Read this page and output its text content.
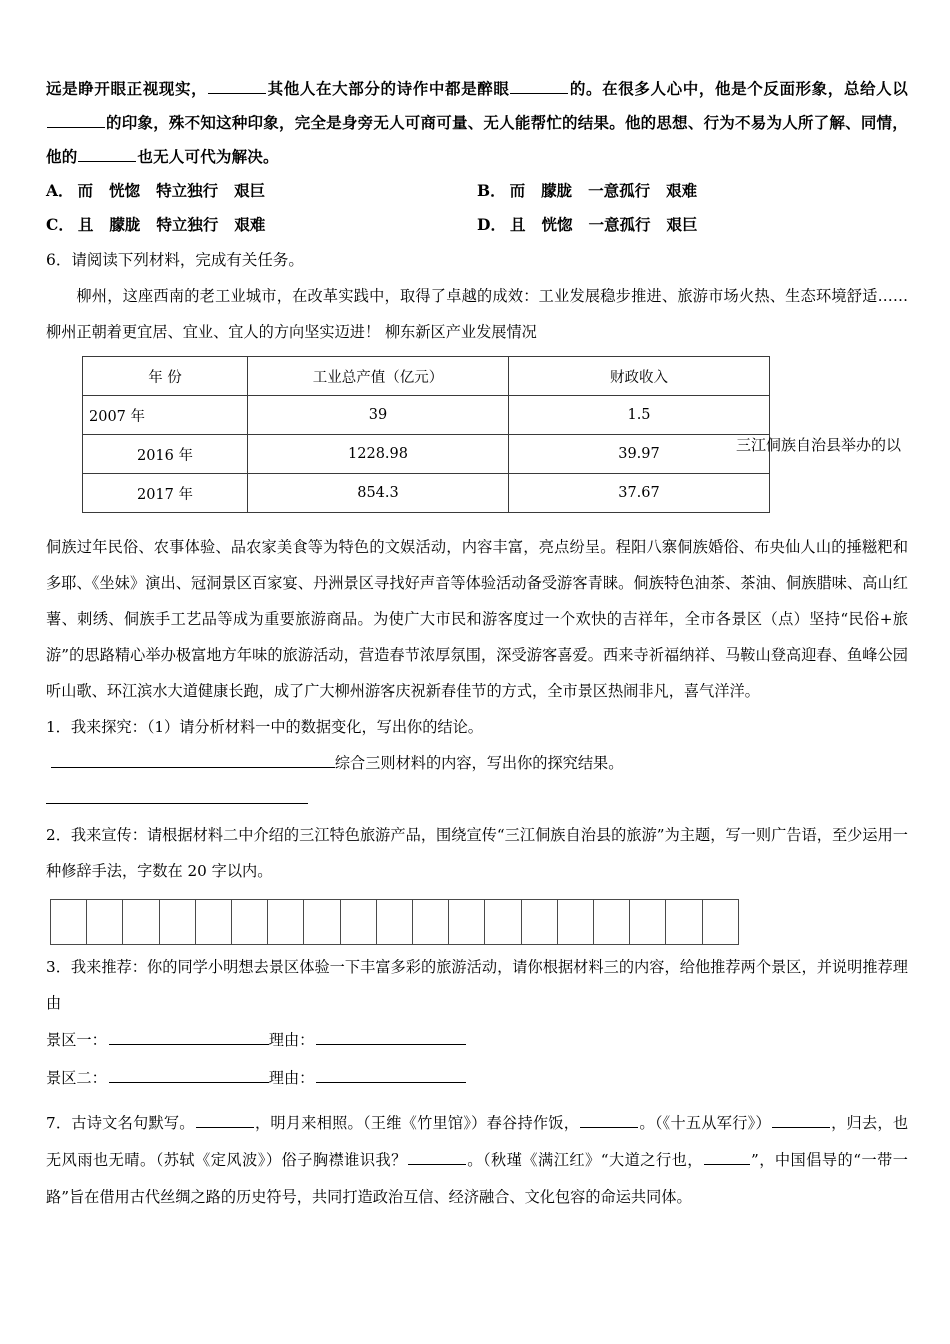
远是睁开眼正视现实，	其他人在大部分的诗作中都是醉眼	的。在很多人心中，他是个反面形象，总给人以的印象，殊不知这种印象，完全是身旁无人可商可量、无人能帮忙的结果。他的思想、行为不易为人所了解、同情，他的	也无人可代为解决。
A． 而 恍惚 特立独行 艰巨	B． 而 朦胧 一意孤行 艰难
C． 且 朦胧 特立独行 艰难	D． 且 恍惚 一意孤行 艰巨
6．请阅读下列材料，完成有关任务。
柳州，这座西南的老工业城市，在改革实践中，取得了卓越的成效：工业发展稳步推进、旅游市场火热、生态环境舒适……柳州正朝着更宜居、宜业、宜人的方向坚实迈进！ 柳东新区产业发展情况
年 份	工业总产值（亿元）	财政收入
2007 年	39	1.5
2016 年	1228.98	39.97
2017 年	854.3	37.67
三江侗族自治县举办的以
侗族过年民俗、农事体验、品农家美食等为特色的文娱活动，内容丰富，亮点纷呈。程阳八寨侗族婚俗、布央仙人山的捶糍粑和多耶、《坐妹》演出、冠洞景区百家宴、丹洲景区寻找好声音等体验活动备受游客青睐。侗族特色油茶、茶油、侗族腊味、高山红薯、刺绣、侗族手工艺品等成为重要旅游商品。为使广大市民和游客度过一个欢快的吉祥年，全市各景区（点）坚持“民俗+旅游”的思路精心举办极富地方年味的旅游活动，营造春节浓厚氛围，深受游客喜爱。西来寺祈福纳祥、马鞍山登高迎春、鱼峰公园听山歌、环江滨水大道健康长跑，成了广大柳州游客庆祝新春佳节的方式，全市景区热闹非凡，喜气洋洋。
1．我来探究：（1）请分析材料一中的数据变化，写出你的结论。
综合三则材料的内容，写出你的探究结果。
2．我来宣传：请根据材料二中介绍的三江特色旅游产品，围绕宣传“三江侗族自治县的旅游”为主题，写一则广告语，至少运用一种修辞手法，字数在 20 字以内。
3．我来推荐：你的同学小明想去景区体验一下丰富多彩的旅游活动，请你根据材料三的内容，给他推荐两个景区，并说明推荐理由
景区一：	理由：
景区二：	理由：
7．古诗文名句默写。	，明月来相照。（王维《竹里馆》）春谷持作饭，	。（《十五从军行》）	，归去，也无风雨也无晴。（苏轼《定风波》）俗子胸襟谁识我？	。（秋瑾《满江红》“大道之行也，	”，中国倡导的“一带一路”旨在借用古代丝绸之路的历史符号，共同打造政治互信、经济融合、文化包容的命运共同体。
